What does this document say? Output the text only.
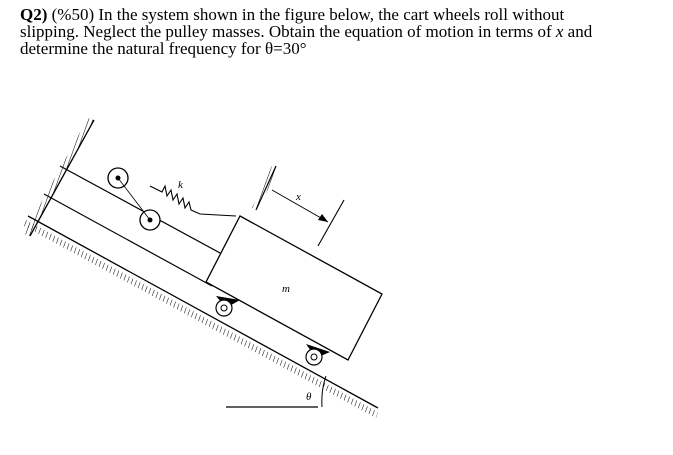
Q2) (%50) In the system shown in the figure below, the cart wheels roll without
slipping. Neglect the pulley masses. Obtain the equation of motion in terms of x and
determine the natural frequency for θ=30°
θ
k
m
x
